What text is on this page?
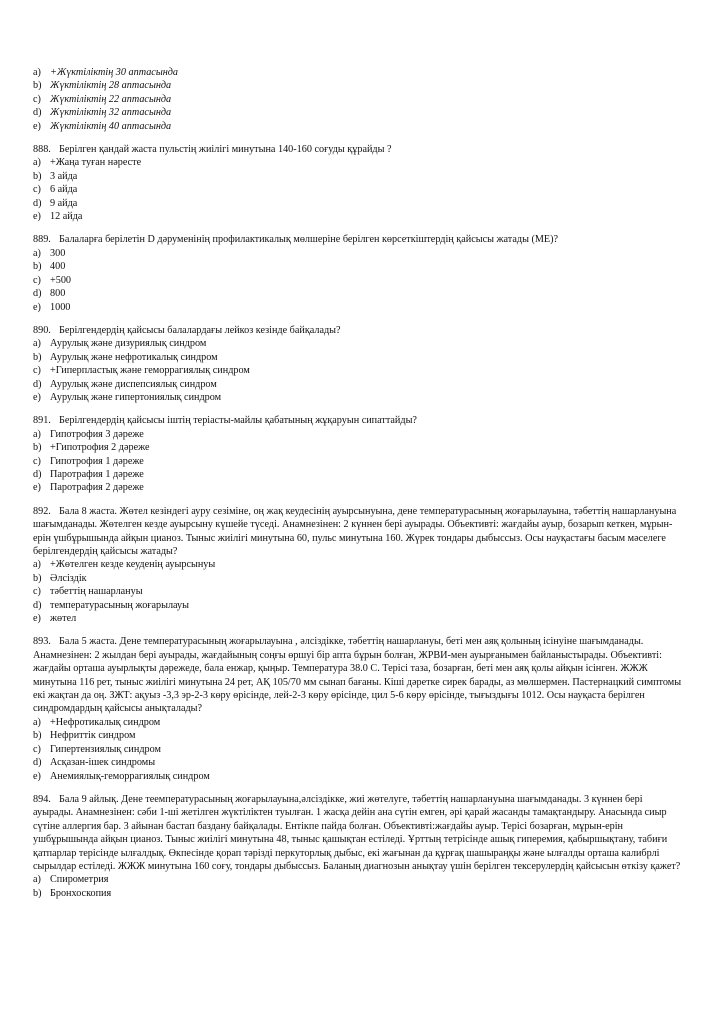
a) +Жүктіліктің 30 аптасында
b) Жүктіліктің 28 аптасында
c) Жүктіліктің 22 аптасында
d) Жүктіліктің 32 аптасында
e) Жүктіліктің 40 аптасында
888. Берілген қандай жаста пульстің жиілігі минутына 140-160 соғуды құрайды ?
a) +Жаңа туған нәресте
b) 3 айда
c) 6 айда
d) 9 айда
e) 12 айда
889. Балаларға берілетін D дәруменінің профилактикалық мөлшеріне берілген көрсеткіштердің қайсысы жатады (МЕ)?
a) 300
b) 400
c) +500
d) 800
e) 1000
890. Берілгендердің қайсысы балалардағы лейкоз кезінде байқалады?
a) Аурулық және дизуриялық синдром
b) Аурулық және нефротикалық синдром
c) +Гиперпластық және геморрагиялық синдром
d) Аурулық және диспепсиялық синдром
e) Аурулық және гипертониялық синдром
891. Берілгендердің қайсысы іштің терiасты-майлы қабатының жұқаруын сипаттайды?
a) Гипотрофия 3 дәреже
b) +Гипотрофия 2 дәреже
c) Гипотрофия 1 дәреже
d) Паротрафия 1 дәреже
e) Паротрафия 2 дәреже
892. Бала 8 жаста. Жөтел кезіндегі ауру сезіміне, оң жақ кеудесінің ауырсынуына, дене температурасының жоғарылауына, тәбеттің нашарлануына шағымданады. Жөтелген кезде ауырсыну күшейе түседі. Анамнезінен: 2 күннен бері ауырады. Объективті: жағдайы ауыр, бозарып кеткен, мұрын-ерін үшбұрышында айқын цианоз. Тыныс жиілігі минутына 60, пульс минутына 160. Жүрек тондары дыбыссыз. Осы науқастағы басым мәселеге берілгендердің қайсысы жатады?
a) +Жөтелген кезде кеуденің ауырсынуы
b) Әлсіздік
c) тәбеттің нашарлануы
d) температурасының жоғарылауы
e) жөтел
893. Бала 5 жаста. Дене температурасының жоғарылауына , әлсіздікке, тәбеттің нашарлануы, беті мен аяқ қолының ісінуіне шағымданады. Анамнезінен: 2 жылдан бері ауырады, жағдайының соңғы өршуі бір апта бұрын болған, ЖРВИ-мен ауырғанымен байланыстырады. Объективті: жағдайы орташа ауырлықты дәрежеде, бала енжар, қыңыр. Температура 38.0 С. Терісі таза, бозарған, беті мен аяқ қолы айқын ісінген. ЖЖЖ минутына 116 рет, тыныс жиілігі минутына 24 рет, АҚ 105/70 мм сынап бағаны. Кіші дәретке сирек барады, аз мөлшермен. Пастернацкий симптомы екі жақтан да оң. ЗЖТ: ақуыз -3,3 эр-2-3 көру өрісінде, лей-2-3 көру өрісінде, цил 5-6 көру өрісінде, тығыздығы 1012. Осы науқаста берілген синдромдардың қайсысы анықталады?
a) +Нефротикалық синдром
b) Нефриттік синдром
c) Гипертензиялық синдром
d) Асқазан-ішек синдромы
e) Анемиялық-геморрагиялық синдром
894. Бала 9 айлық. Дене теемпературасының жоғарылауына,әлсіздікке, жиі жөтелуге, тәбеттің нашарлануына шағымданады. 3 күннен бері ауырады. Анамнезінен: сәби 1-ші жетілген жүктіліктен туылған. 1 жасқа дейін ана сүтін емген, әрі қарай жасанды тамақтандыру. Анасында сиыр сүтіне аллергия бар. 3 айынан бастап баздану байқалады. Ентікпе пайда болған. Объективті:жағдайы ауыр. Терісі бозарған, мұрын-ерін ушбұрышында айқын цианоз. Тыныс жиілігі минутына 48, тыныс қашықтан естіледі. Ұрттың тетрісінде ашық гиперемия, қабыршықтану, табиғи қатпарлар терісінде ылғалдық. Өкпесінде қорап тәрізді перкуторлық дыбыс, екі жағынан да құрғақ шашыраңқы және ылғалды орташа калибрлі сырылдар естіледі. ЖЖЖ минутына 160 соғу, тондары дыбыссыз. Баланың диагнозын анықтау үшін берілген тексерулердің қайсысын өткізу қажет?
a) Спирометрия
b) Бронхоскопия
